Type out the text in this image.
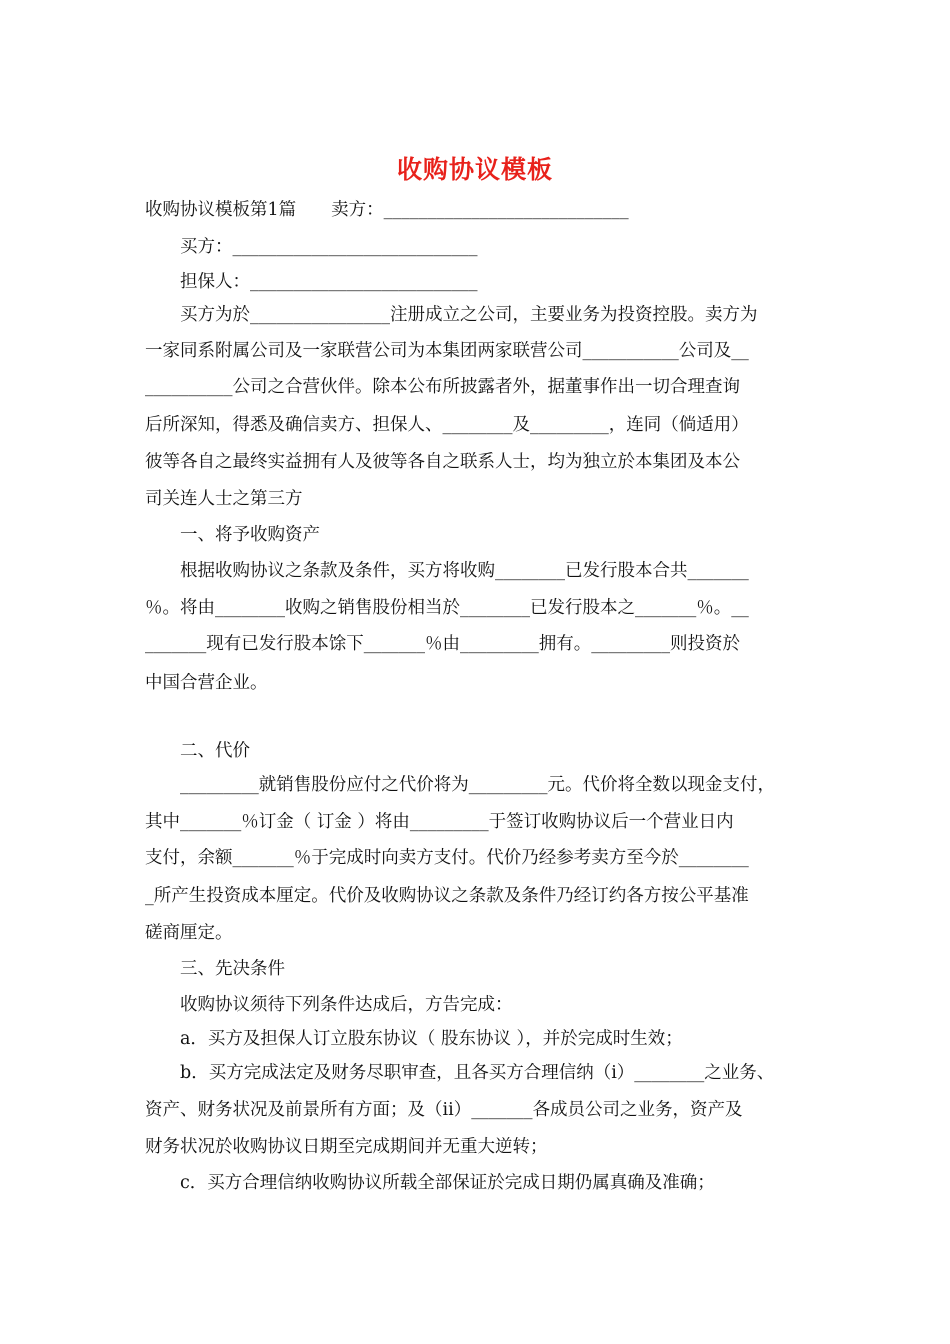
收购协议模板
收购协议模板第1篇　　卖方：____________________________
　　买方：____________________________
　　担保人：__________________________
　　买方为於________________注册成立之公司，主要业务为投资控股。卖方为
一家同系附属公司及一家联营公司为本集团两家联营公司___________公司及__
__________公司之合营伙伴。除本公布所披露者外，据董事作出一切合理查询
后所深知，得悉及确信卖方、担保人、________及_________，连同（倘适用）
彼等各自之最终实益拥有人及彼等各自之联系人士，均为独立於本集团及本公
司关连人士之第三方
　　一、将予收购资产
　　根据收购协议之条款及条件，买方将收购________已发行股本合共_______
％。将由________收购之销售股份相当於________已发行股本之_______％。__
_______现有已发行股本馀下_______％由_________拥有。_________则投资於
中国合营企业。
　　二、代价
　　_________就销售股份应付之代价将为_________元。代价将全数以现金支付，
其中_______％订金（ 订金 ）将由_________于签订收购协议后一个营业日内
支付，余额_______％于完成时向卖方支付。代价乃经参考卖方至今於________
_所产生投资成本厘定。代价及收购协议之条款及条件乃经订约各方按公平基准
磋商厘定。
　　三、先决条件
　　收购协议须待下列条件达成后，方告完成：
　　a．买方及担保人订立股东协议（ 股东协议 ），并於完成时生效；
　　b．买方完成法定及财务尽职审查，且各买方合理信纳（i）________之业务、
资产、财务状况及前景所有方面；及（ii）_______各成员公司之业务，资产及
财务状况於收购协议日期至完成期间并无重大逆转；
　　c．买方合理信纳收购协议所载全部保证於完成日期仍属真确及准确；
